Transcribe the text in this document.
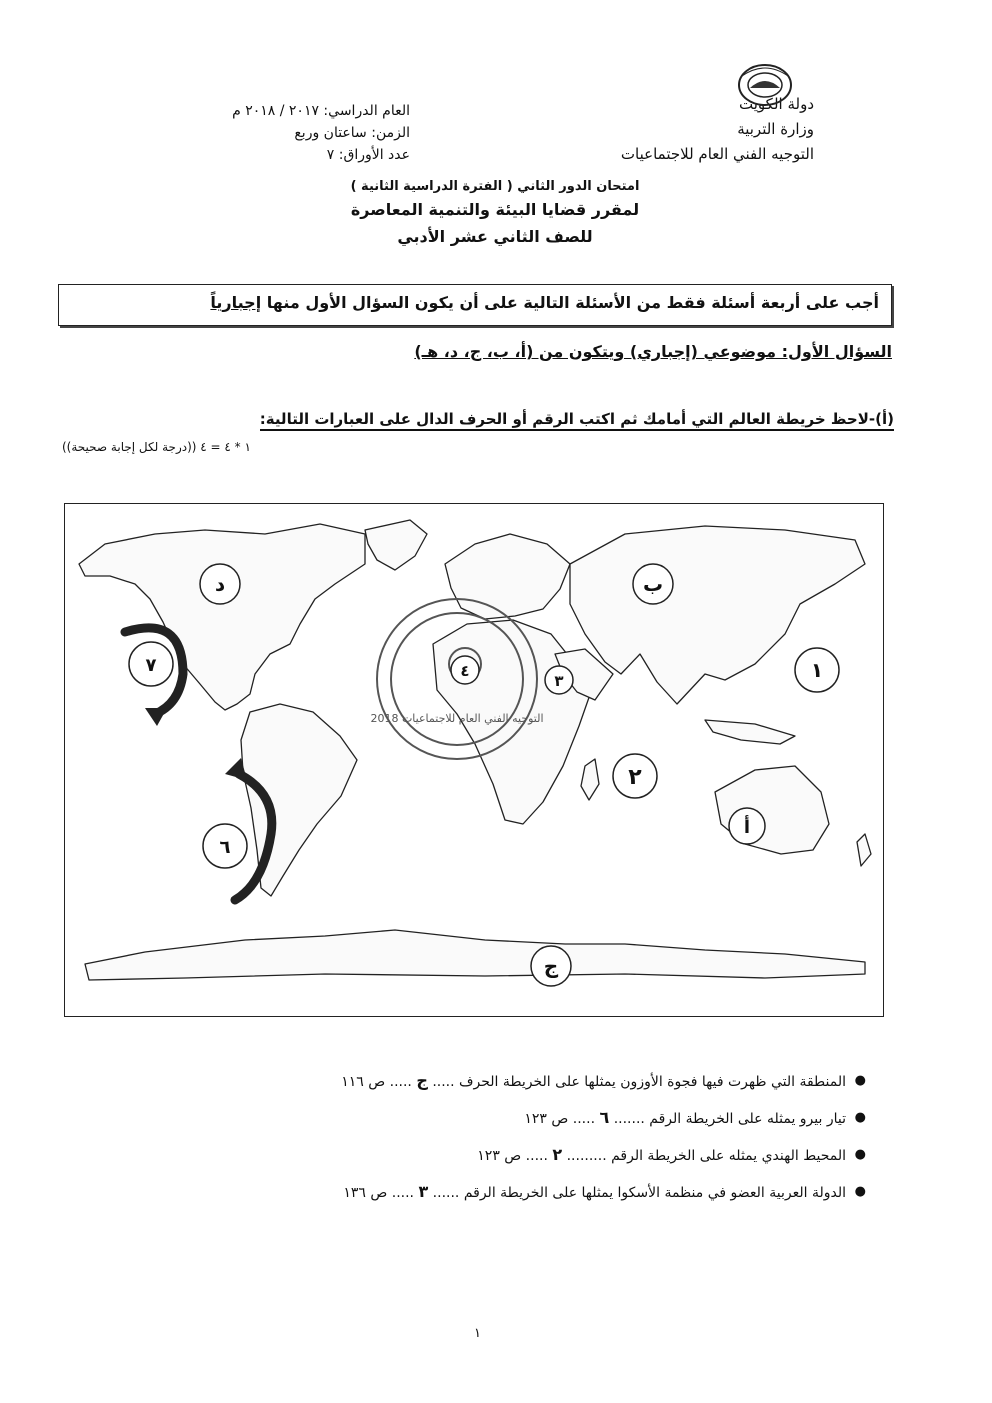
دولة الكويت
وزارة التربية
التوجيه الفني العام للاجتماعيات
العام الدراسي: ٢٠١٧ / ٢٠١٨ م
الزمن: ساعتان وربع
عدد الأوراق: ٧
امتحان الدور الثاني ( الفترة الدراسية الثانية )
لمقرر قضايا البيئة والتنمية المعاصرة
للصف الثاني عشر الأدبي
أجب على أربعة أسئلة فقط من الأسئلة التالية على أن يكون السؤال الأول منها إجبارياً
السؤال الأول: موضوعي (إجباري) ويتكون من (أ، ب، ج، د، هـ)
(أ)-لاحظ خريطة العالم التي أمامك ثم اكتب الرقم أو الحرف الدال على العبارات التالية:
١ * ٤ = ٤ ((درجة لكل إجابة صحيحة))
التوجيه الفني العام للاجتماعيات 2018
د	ب
١
٧
٦
٢
٣
٤
أ
ج
●
المنطقة التي ظهرت فيها فجوة الأوزون يمثلها على الخريطة الحرف ..... ج ..... ص ١١٦
●
تيار بيرو يمثله على الخريطة الرقم ....... ٦ ..... ص ١٢٣
●
المحيط الهندي يمثله على الخريطة الرقم ......... ٢ ..... ص ١٢٣
●
الدولة العربية العضو في منظمة الأسكوا يمثلها على الخريطة الرقم ...... ٣ ..... ص ١٣٦
١
